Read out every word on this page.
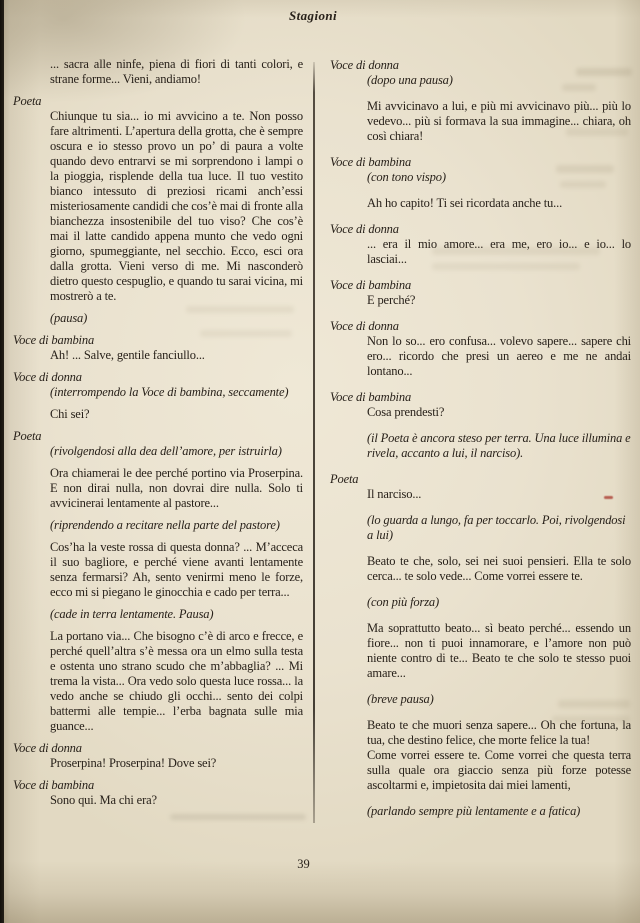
Stagioni
... sacra alle ninfe, piena di fiori di tanti colori, e strane forme... Vieni, andiamo!
Poeta
Chiunque tu sia... io mi avvicino a te. Non posso fare altrimenti. L’apertura della grotta, che è sempre oscura e io stesso provo un po’ di paura a volte quando devo entrarvi se mi sorprendono i lampi o la pioggia, risplende della tua luce. Il tuo vestito bianco intessuto di preziosi ricami anch’essi misteriosamente candidi che cos’è mai di fronte alla bianchezza insostenibile del tuo viso? Che cos’è mai il latte candido appena munto che vedo ogni giorno, spumeggiante, nel secchio. Ecco, esci ora dalla grotta. Vieni verso di me. Mi nasconderò dietro questo cespuglio, e quando tu sarai vicina, mi mostrerò a te.
(pausa)
Voce di bambina
Ah! ... Salve, gentile fanciullo...
Voce di donna
(interrompendo la Voce di bambina, seccamente)
Chi sei?
Poeta
(rivolgendosi alla dea dell’amore, per istruirla)
Ora chiamerai le dee perché portino via Proserpina. E non dirai nulla, non dovrai dire nulla. Solo ti avvicinerai lentamente al pastore...
(riprendendo a recitare nella parte del pastore)
Cos’ha la veste rossa di questa donna? ... M’acceca il suo bagliore, e perché viene avanti lentamente senza fermarsi? Ah, sento venirmi meno le forze, ecco mi si piegano le ginocchia e cado per terra...
(cade in terra lentamente. Pausa)
La portano via... Che bisogno c’è di arco e frecce, e perché quell’altra s’è messa ora un elmo sulla testa e ostenta uno strano scudo che m’abbaglia? ... Mi trema la vista... Ora vedo solo questa luce rossa... la vedo anche se chiudo gli occhi... sento dei colpi battermi alle tempie... l’erba bagnata sulle mia guance...
Voce di donna
Proserpina! Proserpina! Dove sei?
Voce di bambina
Sono qui. Ma chi era?
Voce di donna
(dopo una pausa)
Mi avvicinavo a lui, e più mi avvicinavo più... più lo vedevo... più si formava la sua immagine... chiara, oh così chiara!
Voce di bambina
(con tono vispo)
Ah ho capito! Ti sei ricordata anche tu...
Voce di donna
... era il mio amore... era me, ero io... e io... lo lasciai...
Voce di bambina
E perché?
Voce di donna
Non lo so... ero confusa... volevo sapere... sapere chi ero... ricordo che presi un aereo e me ne andai lontano...
Voce di bambina
Cosa prendesti?
(il Poeta è ancora steso per terra. Una luce illumina e rivela, accanto a lui, il narciso).
Poeta
Il narciso...
(lo guarda a lungo, fa per toccarlo. Poi, rivolgendosi a lui)
Beato te che, solo, sei nei suoi pensieri. Ella te solo cerca... te solo vede... Come vorrei essere te.
(con più forza)
Ma soprattutto beato... sì beato perché... essendo un fiore... non ti puoi innamorare, e l’amore non può niente contro di te... Beato te che solo te stesso puoi amare...
(breve pausa)
Beato te che muori senza sapere... Oh che fortuna, la tua, che destino felice, che morte felice la tua!
Come vorrei essere te. Come vorrei che questa terra sulla quale ora giaccio senza più forze potesse ascoltarmi e, impietosita dai miei lamenti,
(parlando sempre più lentamente e a fatica)
39
